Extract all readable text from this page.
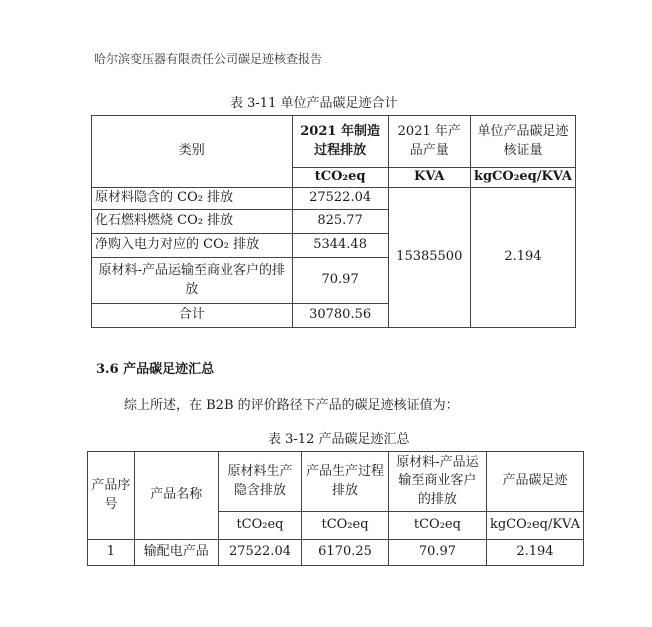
哈尔滨变压器有限责任公司碳足迹核查报告
表 3-11 单位产品碳足迹合计
类别	2021 年制造过程排放	2021 年产品产量	单位产品碳足迹核证量
	tCO₂eq	KVA	kgCO₂eq/KVA
原材料隐含的 CO₂ 排放	27522.04	15385500	2.194
化石燃料燃烧 CO₂ 排放	825.77		
净购入电力对应的 CO₂ 排放	5344.48		
原材料-产品运输至商业客户的排放	70.97		
合计	30780.56		
3.6 产品碳足迹汇总
综上所述，在 B2B 的评价路径下产品的碳足迹核证值为：
表 3-12 产品碳足迹汇总
产品序号	产品名称	原材料生产隐含排放	产品生产过程排放	原材料-产品运输至商业客户的排放	产品碳足迹
		tCO₂eq	tCO₂eq	tCO₂eq	kgCO₂eq/KVA
1	输配电产品	27522.04	6170.25	70.97	2.194
